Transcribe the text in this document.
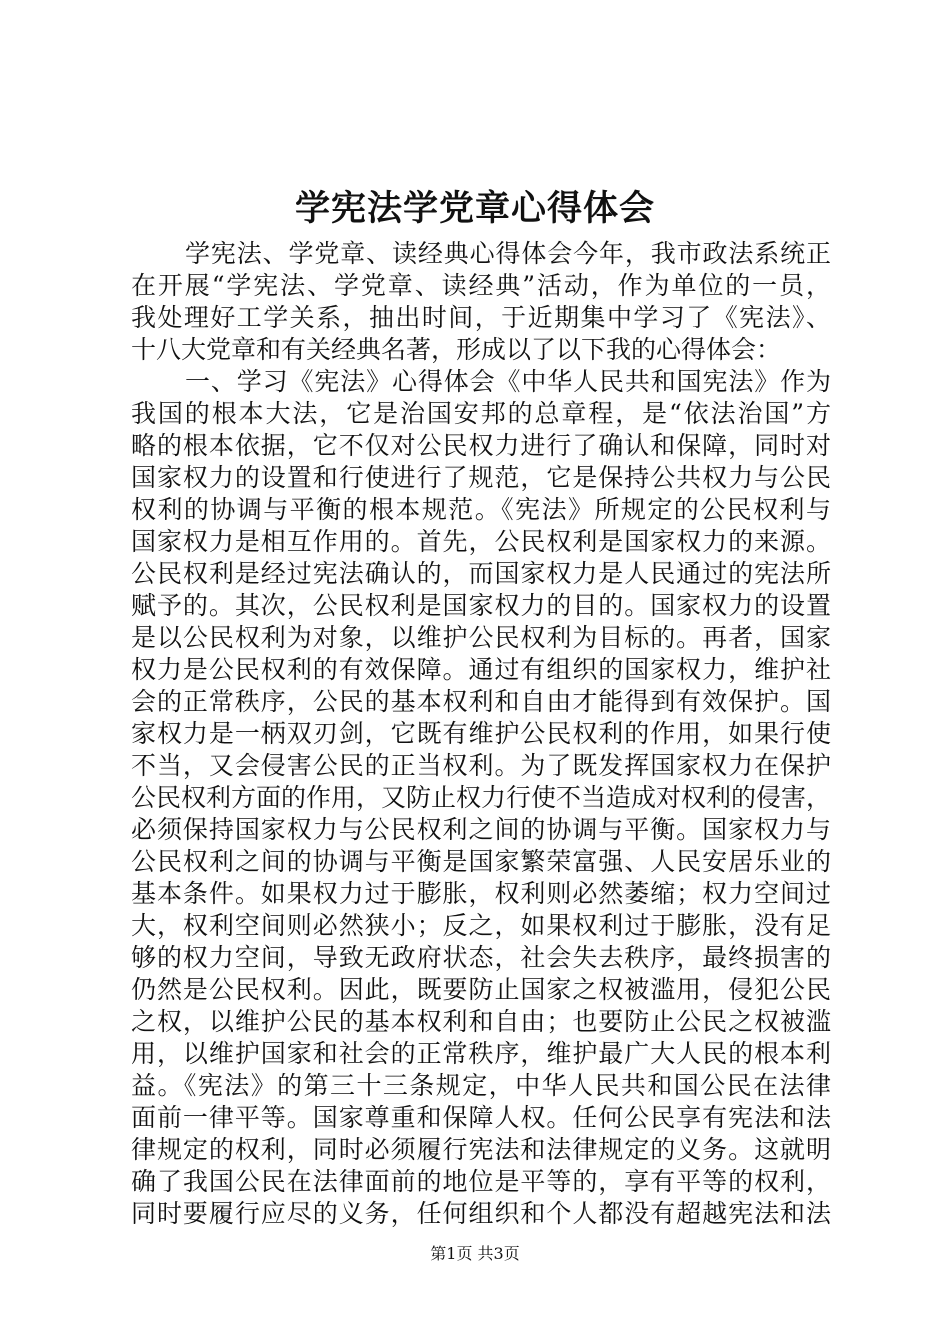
学宪法学党章心得体会
学宪法、学党章、读经典心得体会今年，我市政法系统正
在开展“学宪法、学党章、读经典”活动，作为单位的一员，
我处理好工学关系，抽出时间，于近期集中学习了《宪法》、
十八大党章和有关经典名著，形成以了以下我的心得体会：
一、学习《宪法》心得体会《中华人民共和国宪法》作为
我国的根本大法，它是治国安邦的总章程，是“依法治国”方
略的根本依据，它不仅对公民权力进行了确认和保障，同时对
国家权力的设置和行使进行了规范，它是保持公共权力与公民
权利的协调与平衡的根本规范。《宪法》所规定的公民权利与
国家权力是相互作用的。首先，公民权利是国家权力的来源。
公民权利是经过宪法确认的，而国家权力是人民通过的宪法所
赋予的。其次，公民权利是国家权力的目的。国家权力的设置
是以公民权利为对象，以维护公民权利为目标的。再者，国家
权力是公民权利的有效保障。通过有组织的国家权力，维护社
会的正常秩序，公民的基本权利和自由才能得到有效保护。国
家权力是一柄双刃剑，它既有维护公民权利的作用，如果行使
不当，又会侵害公民的正当权利。为了既发挥国家权力在保护
公民权利方面的作用，又防止权力行使不当造成对权利的侵害，
必须保持国家权力与公民权利之间的协调与平衡。国家权力与
公民权利之间的协调与平衡是国家繁荣富强、人民安居乐业的
基本条件。如果权力过于膨胀，权利则必然萎缩；权力空间过
大，权利空间则必然狭小；反之，如果权利过于膨胀，没有足
够的权力空间，导致无政府状态，社会失去秩序，最终损害的
仍然是公民权利。因此，既要防止国家之权被滥用，侵犯公民
之权，以维护公民的基本权利和自由；也要防止公民之权被滥
用，以维护国家和社会的正常秩序，维护最广大人民的根本利
益。《宪法》的第三十三条规定，中华人民共和国公民在法律
面前一律平等。国家尊重和保障人权。任何公民享有宪法和法
律规定的权利，同时必须履行宪法和法律规定的义务。这就明
确了我国公民在法律面前的地位是平等的，享有平等的权利，
同时要履行应尽的义务，任何组织和个人都没有超越宪法和法
第1页 共3页
